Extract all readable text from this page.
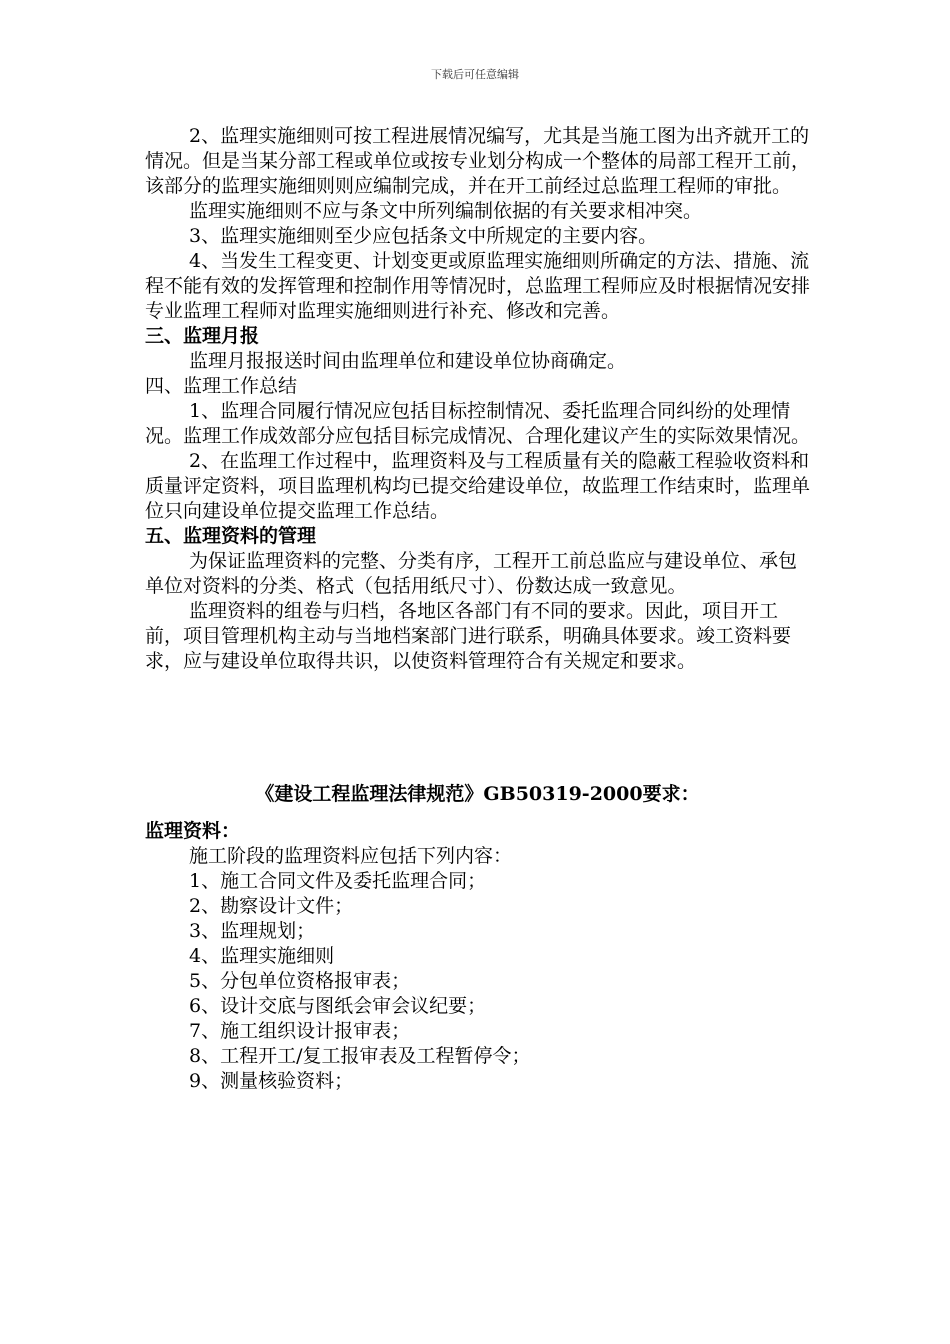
下载后可任意编辑

2、监理实施细则可按工程进展情况编写，尤其是当施工图为出齐就开工的情况。但是当某分部工程或单位或按专业划分构成一个整体的局部工程开工前，该部分的监理实施细则则应编制完成，并在开工前经过总监理工程师的审批。

监理实施细则不应与条文中所列编制依据的有关要求相冲突。

3、监理实施细则至少应包括条文中所规定的主要内容。

4、当发生工程变更、计划变更或原监理实施细则所确定的方法、措施、流程不能有效的发挥管理和控制作用等情况时，总监理工程师应及时根据情况安排专业监理工程师对监理实施细则进行补充、修改和完善。

三、监理月报

监理月报报送时间由监理单位和建设单位协商确定。

四、监理工作总结

1、监理合同履行情况应包括目标控制情况、委托监理合同纠纷的处理情况。监理工作成效部分应包括目标完成情况、合理化建议产生的实际效果情况。

2、在监理工作过程中，监理资料及与工程质量有关的隐蔽工程验收资料和质量评定资料，项目监理机构均已提交给建设单位，故监理工作结束时，监理单位只向建设单位提交监理工作总结。

五、监理资料的管理

为保证监理资料的完整、分类有序，工程开工前总监应与建设单位、承包单位对资料的分类、格式（包括用纸尺寸）、份数达成一致意见。

监理资料的组卷与归档，各地区各部门有不同的要求。因此，项目开工前，项目管理机构主动与当地档案部门进行联系，明确具体要求。竣工资料要求，应与建设单位取得共识，以使资料管理符合有关规定和要求。

《建设工程监理法律规范》GB50319-2000要求：

监理资料：

施工阶段的监理资料应包括下列内容：

1、施工合同文件及委托监理合同；

2、勘察设计文件；

3、监理规划；

4、监理实施细则

5、分包单位资格报审表；

6、设计交底与图纸会审会议纪要；

7、施工组织设计报审表；

8、工程开工/复工报审表及工程暂停令；

9、测量核验资料；
